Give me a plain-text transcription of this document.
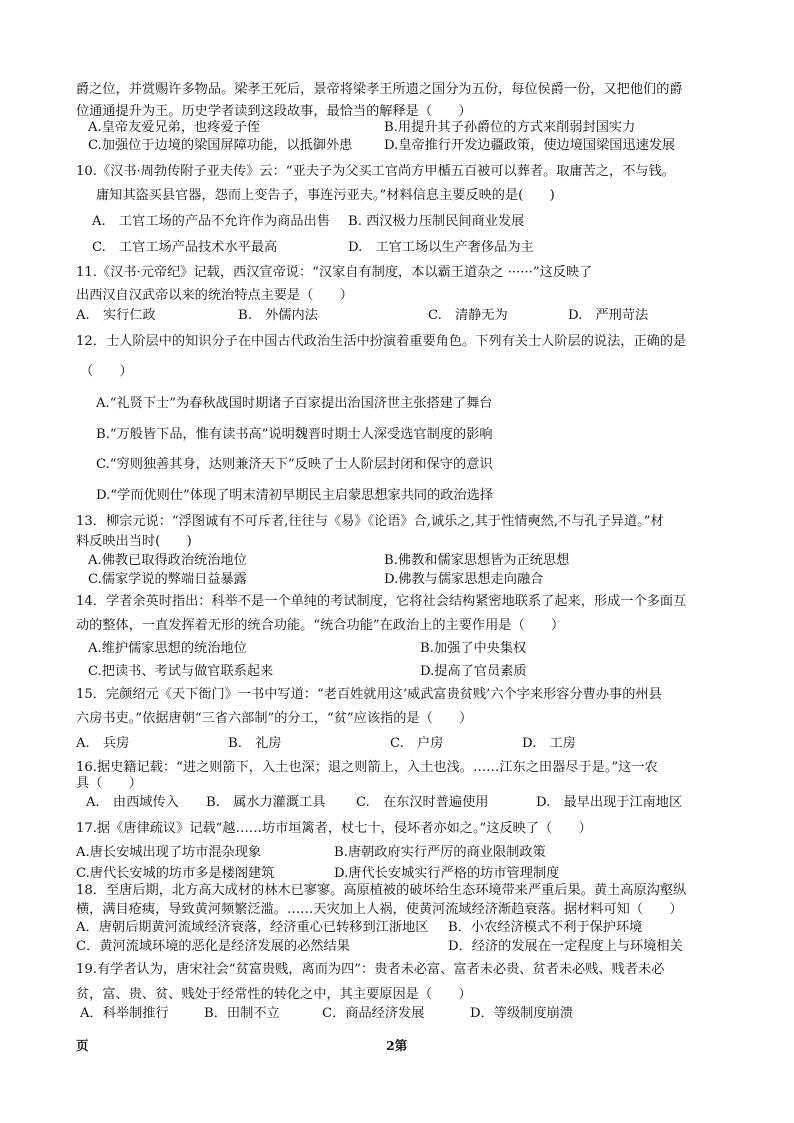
爵之位，并赏赐许多物品。梁孝王死后，景帝将梁孝王所遗之国分为五份，每位侯爵一份，又把他们的爵
位通通提升为王。历史学者读到这段故事，最恰当的解释是（　　）
A.皇帝友爱兄弟，也疼爱子侄	B.用提升其子孙爵位的方式来削弱封国实力
C.加强位于边境的梁国屏障功能，以抵御外患 D.皇帝推行开发边疆政策，使边境国梁国迅速发展
10.《汉书·周勃传附子亚夫传》云：“亚夫子为父买工官尚方甲楯五百被可以葬者。取庸苦之，不与钱。
庸知其盗买县官器，怨而上变告子，事连污亚夫。”材料信息主要反映的是(　　)
A.　工官工场的产品不允许作为商品出售 B. 西汉极力压制民间商业发展
C.　工官工场产品技术水平最高	D.　工官工场以生产奢侈品为主
11.《汉书·元帝纪》记载，西汉宣帝说：“汉家自有制度，本以霸王道杂之 ······”这反映了
出西汉自汉武帝以来的统治特点主要是（　　）
A.　实行仁政	B.　外儒内法	C.　清静无为	D.　严刑苛法
12．士人阶层中的知识分子在中国古代政治生活中扮演着重要角色。下列有关士人阶层的说法，正确的是
（　　）
A.“礼贤下士”为春秋战国时期诸子百家提出治国济世主张搭建了舞台
B.“万般皆下品，惟有读书高”说明魏晋时期士人深受选官制度的影响
C.“穷则独善其身，达则兼济天下”反映了士人阶层封闭和保守的意识
D.“学而优则仕”体现了明末清初早期民主启蒙思想家共同的政治选择
13．柳宗元说：“浮图诚有不可斥者,往往与《易》《论语》合,诚乐之,其于性情奭然,不与孔子异道。”材
料反映出当时(　　)
A.佛教已取得政治统治地位	B.佛教和儒家思想皆为正统思想
C.儒家学说的弊端日益暴露	D.佛教与儒家思想走向融合
14．学者余英时指出：科举不是一个单纯的考试制度，它将社会结构紧密地联系了起来，形成一个多面互
动的整体，一直发挥着无形的统合功能。“统合功能”在政治上的主要作用是（　　）
A.维护儒家思想的统治地位	B.加强了中央集权
C.把读书、考试与做官联系起来	D.提高了官员素质
15．完颜绍元《天下衙门》一书中写道：“老百姓就用这‘威武富贵贫贱’六个字来形容分曹办事的州县
六房书吏。”依据唐朝“三省六部制”的分工，“贫”应该指的是（　　）
A.　兵房	B.　礼房	C.　户房	D.　工房
16.据史籍记载：“进之则箭下，入土也深；退之则箭上，入土也浅。……江东之田器尽于是。”这一农
具（　　）
A.　由西域传入 B.　属水力灌溉工具 C.　在东汉时普遍使用	D.　最早出现于江南地区
17.据《唐律疏议》记载“越……坊市垣篱者，杖七十，侵坏者亦如之。”这反映了（　　）
A.唐长安城出现了坊市混杂现象	B.唐朝政府实行严厉的商业限制政策
C.唐代长安城的坊市多是楼阁建筑	D.唐代长安城实行严格的坊市管理制度
18．至唐后期，北方高大成材的林木已寥寥。高原植被的破坏给生态环境带来严重后果。黄土高原沟壑纵
横，满目疮痍，导致黄河频繁泛滥。……天灾加上人祸，使黄河流域经济渐趋衰落。据材料可知（　　）
A．唐朝后期黄河流域经济衰落，经济重心已转移到江浙地区 B．小农经济模式不利于保护环境
C．黄河流域环境的恶化是经济发展的必然结果	D．经济的发展在一定程度上与环境相关
19.有学者认为，唐宋社会“贫富贵贱，离而为四”：贵者未必富、富者未必贵、贫者未必贱、贱者未必
贫，富、贵、贫、贱处于经常性的转化之中，其主要原因是（　　）
A．科举制推行	B．田制不立	C．商品经济发展	D．等级制度崩溃
页	2第
